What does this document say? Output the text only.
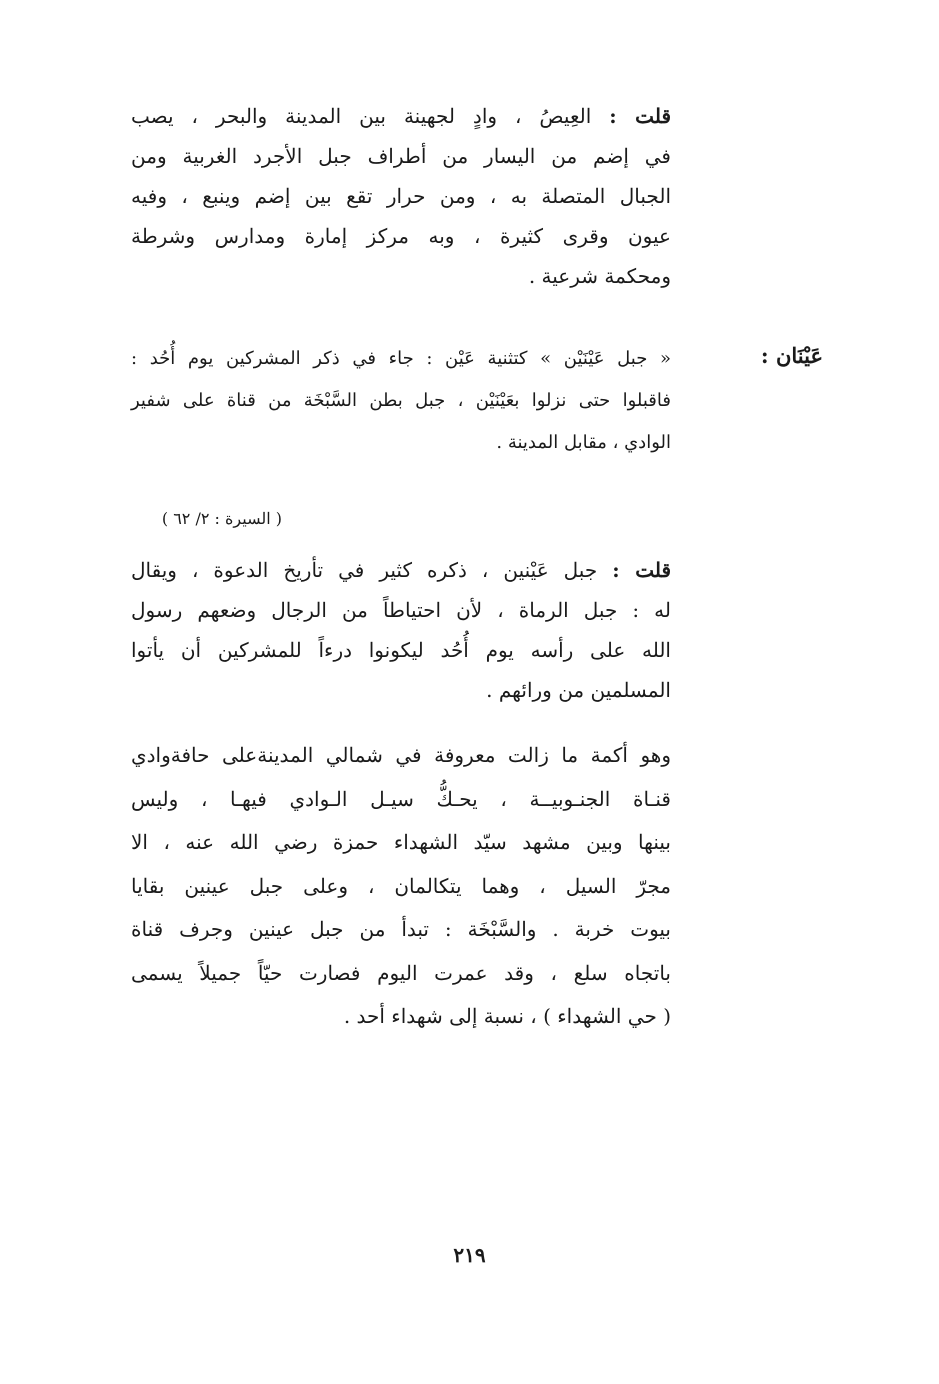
قلت : العِيصُ ، وادٍ لجهينة بين المدينة والبحر ، يصب
في إضم من اليسار من أطراف جبل الأجرد الغربية ومن
الجبال المتصلة به ، ومن حرار تقع بين إضم وينبع ، وفيه
عيون وقرى كثيرة ، وبه مركز إمارة ومدارس وشرطة
ومحكمة شرعية .
عَيْنَان :
« جبل عَيْنَيْن » كتثنية عَيْن : جاء في ذكر المشركين يوم أُحُد :
فاقبلوا حتى نزلوا بعَيْنَيْن ، جبل بطن السَّبْخَة من قناة على شفير
الوادي ، مقابل المدينة .
( السيرة : ٢/ ٦٢ )
قلت : جبل عَيْنين ، ذكره كثير في تأريخ الدعوة ، ويقال
له : جبل الرماة ، لأن احتياطاً من الرجال وضعهم رسول
الله على رأسه يوم أُحُد ليكونوا درءاً للمشركين أن يأتوا
المسلمين من ورائهم .
وهو أكمة ما زالت معروفة في شمالي المدينةعلى حافةوادي
قنـاة الجنـوبيــة ، يحـكُّ سيـل الـوادي فيهـا ، وليس
بينها وبين مشهد سيّد الشهداء حمزة رضي الله عنه ، الا
مجرّ السيل ، وهما يتكالمان ، وعلى جبل عينين بقايا
بيوت خربة . والسَّبْخَة : تبدأ من جبل عينين وجرف قناة
باتجاه سلع ، وقد عمرت اليوم فصارت حيّاً جميلاً يسمى
( حي الشهداء ) ، نسبة إلى شهداء أحد .
٢١٩
